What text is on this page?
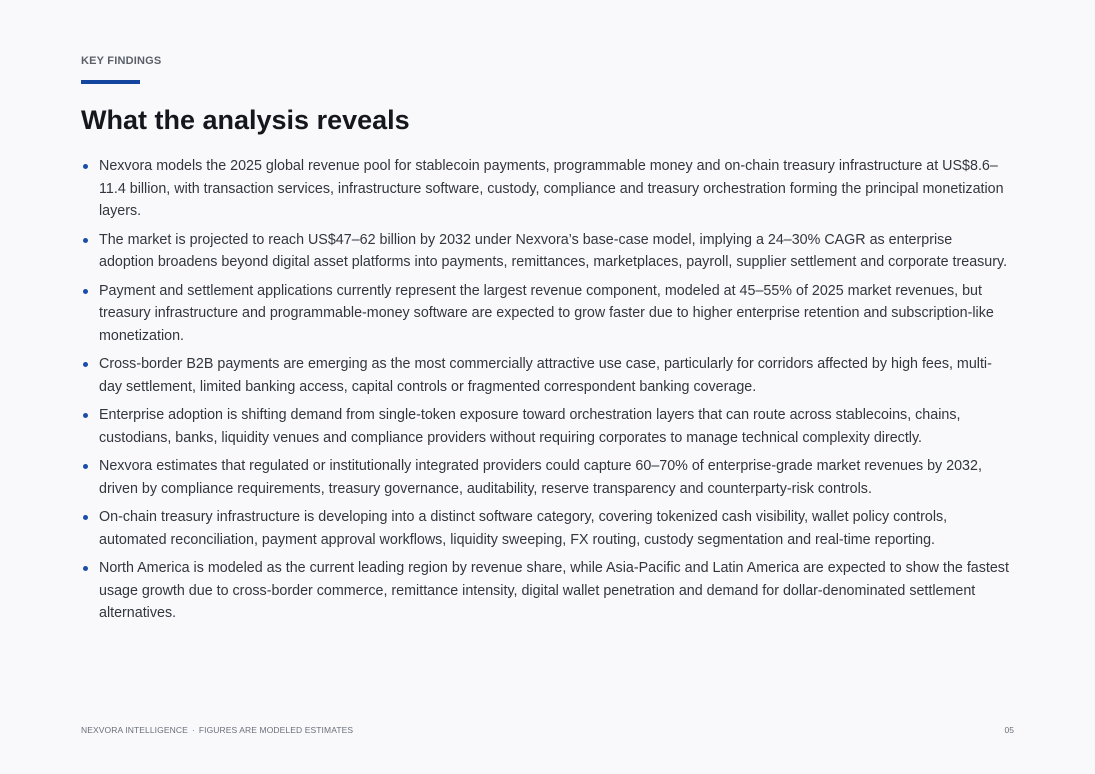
KEY FINDINGS
What the analysis reveals
Nexvora models the 2025 global revenue pool for stablecoin payments, programmable money and on-chain treasury infrastructure at US$8.6–11.4 billion, with transaction services, infrastructure software, custody, compliance and treasury orchestration forming the principal monetization layers.
The market is projected to reach US$47–62 billion by 2032 under Nexvora’s base-case model, implying a 24–30% CAGR as enterprise adoption broadens beyond digital asset platforms into payments, remittances, marketplaces, payroll, supplier settlement and corporate treasury.
Payment and settlement applications currently represent the largest revenue component, modeled at 45–55% of 2025 market revenues, but treasury infrastructure and programmable-money software are expected to grow faster due to higher enterprise retention and subscription-like monetization.
Cross-border B2B payments are emerging as the most commercially attractive use case, particularly for corridors affected by high fees, multi-day settlement, limited banking access, capital controls or fragmented correspondent banking coverage.
Enterprise adoption is shifting demand from single-token exposure toward orchestration layers that can route across stablecoins, chains, custodians, banks, liquidity venues and compliance providers without requiring corporates to manage technical complexity directly.
Nexvora estimates that regulated or institutionally integrated providers could capture 60–70% of enterprise-grade market revenues by 2032, driven by compliance requirements, treasury governance, auditability, reserve transparency and counterparty-risk controls.
On-chain treasury infrastructure is developing into a distinct software category, covering tokenized cash visibility, wallet policy controls, automated reconciliation, payment approval workflows, liquidity sweeping, FX routing, custody segmentation and real-time reporting.
North America is modeled as the current leading region by revenue share, while Asia-Pacific and Latin America are expected to show the fastest usage growth due to cross-border commerce, remittance intensity, digital wallet penetration and demand for dollar-denominated settlement alternatives.
NEXVORA INTELLIGENCE · FIGURES ARE MODELED ESTIMATES	05
